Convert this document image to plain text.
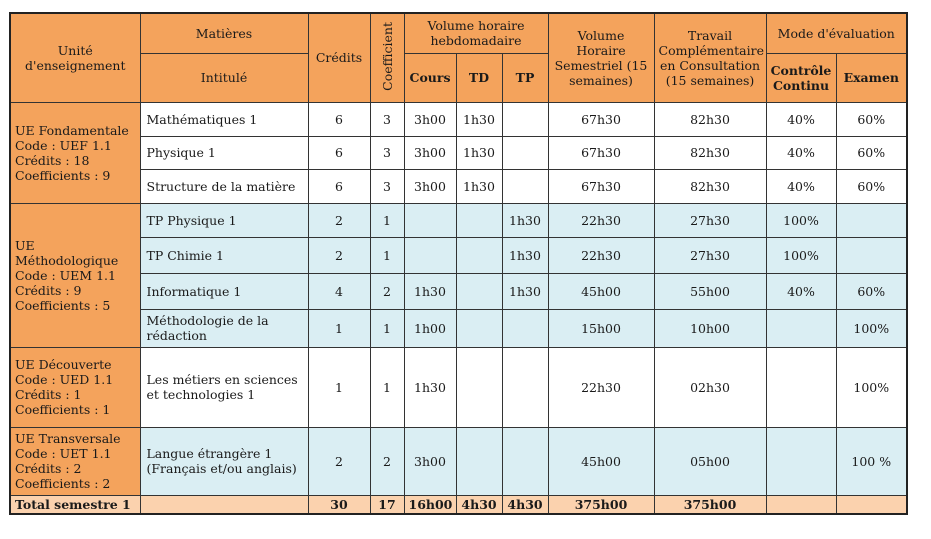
Unité d'enseignement	Matières	Crédits	Coefficient	Volume horaire hebdomadaire			Volume Horaire Semestriel (15 semaines)	Travail Complémentaire en Consultation (15 semaines)	Mode d'évaluation	
	Intitulé			Cours	TD	TP			Contrôle Continu	Examen

UE Fondamentale
Code : UEF 1.1
Crédits : 18
Coefficients : 9	Mathématiques 1	6	3	3h00	1h30		67h30	82h30	40%	60%
	Physique 1	6	3	3h00	1h30		67h30	82h30	40%	60%
	Structure de la matière	6	3	3h00	1h30		67h30	82h30	40%	60%

UE Méthodologique
Code : UEM 1.1
Crédits : 9
Coefficients : 5	TP Physique 1	2	1			1h30	22h30	27h30	100%	
	TP Chimie 1	2	1			1h30	22h30	27h30	100%	
	Informatique 1	4	2	1h30		1h30	45h00	55h00	40%	60%
	Méthodologie de la rédaction	1	1	1h00			15h00	10h00		100%

UE Découverte
Code : UED 1.1
Crédits : 1
Coefficients : 1	Les métiers en sciences et technologies 1	1	1	1h30			22h30	02h30		100%

UE Transversale
Code : UET 1.1
Crédits : 2
Coefficients : 2	Langue étrangère 1 (Français et/ou anglais)	2	2	3h00			45h00	05h00		100 %
Total semestre 1		30	17	16h00	4h30	4h30	375h00	375h00		
